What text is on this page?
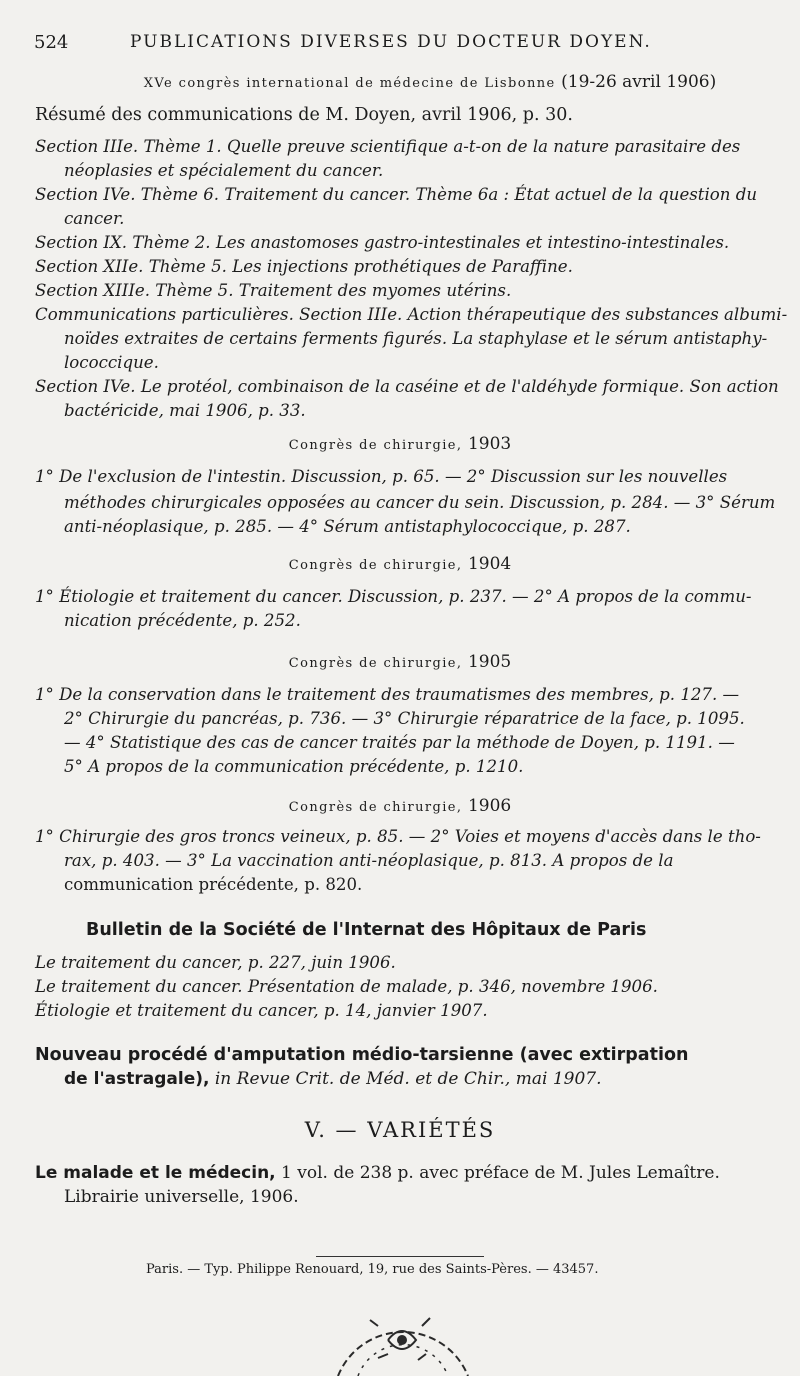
524	PUBLICATIONS DIVERSES DU DOCTEUR DOYEN.
XVe congrès international de médecine de Lisbonne (19-26 avril 1906)
Résumé des communications de M. Doyen, avril 1906, p. 30.
Section IIIe. Thème 1. Quelle preuve scientifique a-t-on de la nature parasitaire des
néoplasies et spécialement du cancer.
Section IVe. Thème 6. Traitement du cancer. Thème 6a : État actuel de la question du
cancer.
Section IX. Thème 2. Les anastomoses gastro-intestinales et intestino-intestinales.
Section XIIe. Thème 5. Les injections prothétiques de Paraffine.
Section XIIIe. Thème 5. Traitement des myomes utérins.
Communications particulières. Section IIIe. Action thérapeutique des substances albumi-
noïdes extraites de certains ferments figurés. La staphylase et le sérum antistaphy-
lococcique.
Section IVe. Le protéol, combinaison de la caséine et de l'aldéhyde formique. Son action
bactéricide, mai 1906, p. 33.
Congrès de chirurgie, 1903
1° De l'exclusion de l'intestin. Discussion, p. 65. — 2° Discussion sur les nouvelles
méthodes chirurgicales opposées au cancer du sein. Discussion, p. 284. — 3° Sérum
anti-néoplasique, p. 285. — 4° Sérum antistaphylococcique, p. 287.
Congrès de chirurgie, 1904
1° Étiologie et traitement du cancer. Discussion, p. 237. — 2° A propos de la commu-
nication précédente, p. 252.
Congrès de chirurgie, 1905
1° De la conservation dans le traitement des traumatismes des membres, p. 127. —
2° Chirurgie du pancréas, p. 736. — 3° Chirurgie réparatrice de la face, p. 1095.
— 4° Statistique des cas de cancer traités par la méthode de Doyen, p. 1191. —
5° A propos de la communication précédente, p. 1210.
Congrès de chirurgie, 1906
1° Chirurgie des gros troncs veineux, p. 85. — 2° Voies et moyens d'accès dans le tho-
rax, p. 403. — 3° La vaccination anti-néoplasique, p. 813. A propos de la
communication précédente, p. 820.
Bulletin de la Société de l'Internat des Hôpitaux de Paris
Le traitement du cancer, p. 227, juin 1906.
Le traitement du cancer. Présentation de malade, p. 346, novembre 1906.
Étiologie et traitement du cancer, p. 14, janvier 1907.
Nouveau procédé d'amputation médio-tarsienne (avec extirpation
de l'astragale), in Revue Crit. de Méd. et de Chir., mai 1907.
V. — VARIÉTÉS
Le malade et le médecin, 1 vol. de 238 p. avec préface de M. Jules Lemaître.
Librairie universelle, 1906.
Paris. — Typ. Philippe Renouard, 19, rue des Saints-Pères. — 43457.
